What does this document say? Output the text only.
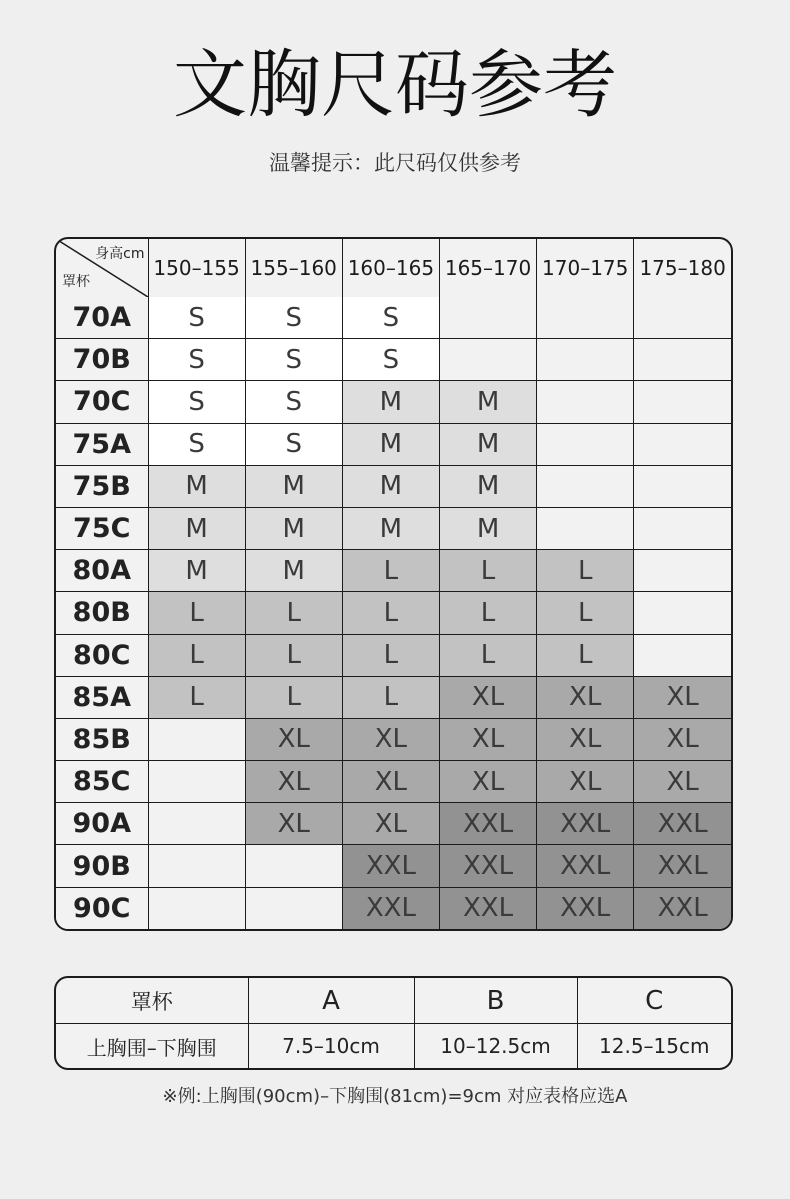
文胸尺码参考
温馨提示：此尺码仅供参考
身高cm
罩杯	150–155	155–160	160–165	165–170	170–175	175–180
70A	S	S	S			
70B	S	S	S			
70C	S	S	M	M		
75A	S	S	M	M		
75B	M	M	M	M		
75C	M	M	M	M		
80A	M	M	L	L	L	
80B	L	L	L	L	L	
80C	L	L	L	L	L	
85A	L	L	L	XL	XL	XL
85B		XL	XL	XL	XL	XL
85C		XL	XL	XL	XL	XL
90A		XL	XL	XXL	XXL	XXL
90B			XXL	XXL	XXL	XXL
90C			XXL	XXL	XXL	XXL
罩杯	A	B	C
上胸围–下胸围	7.5–10cm	10–12.5cm	12.5–15cm
※例:上胸围(90cm)–下胸围(81cm)=9cm 对应表格应选A
